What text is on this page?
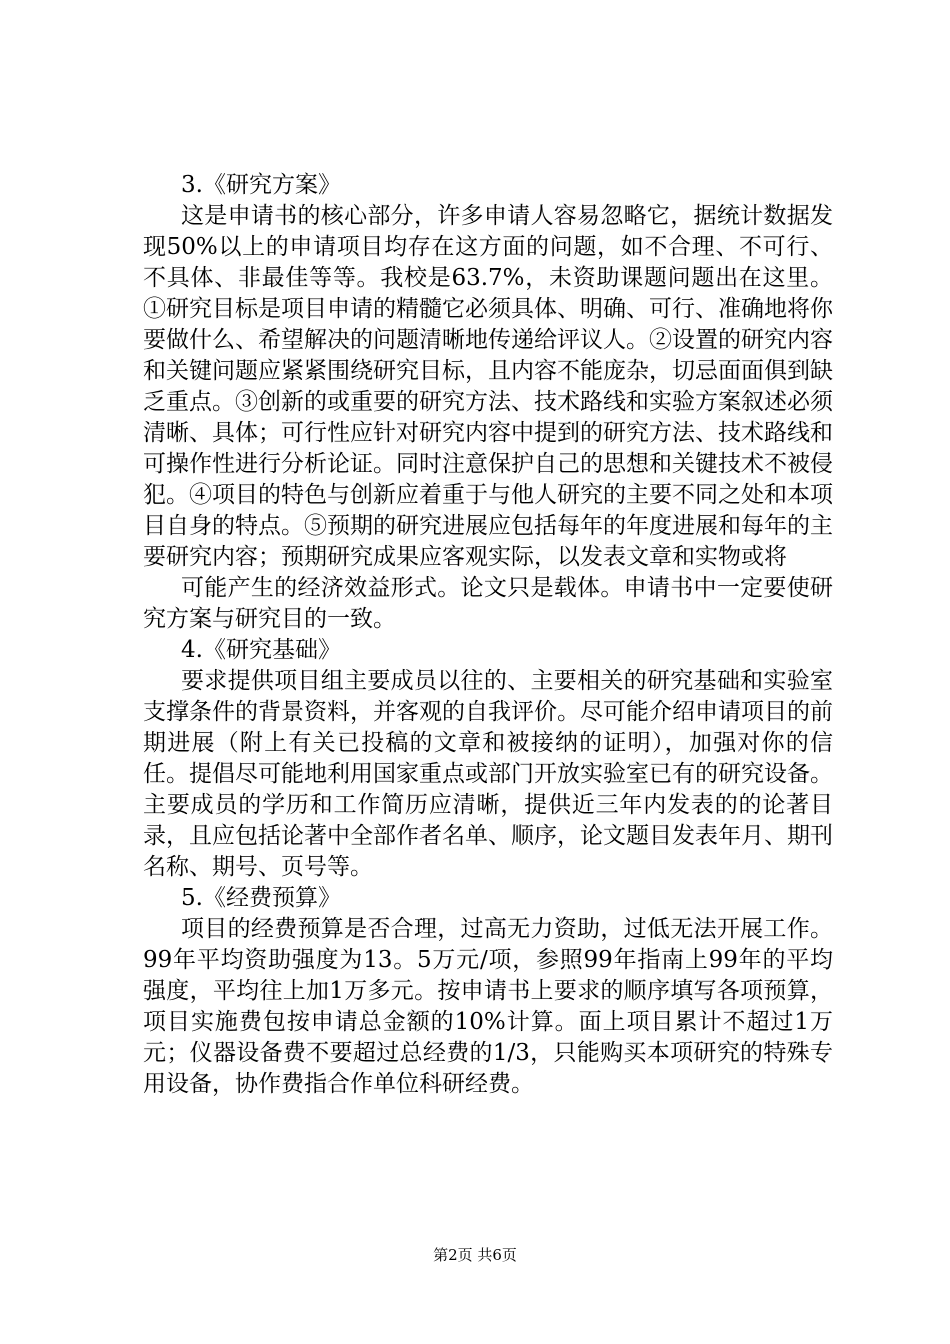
3.《研究方案》

这是申请书的核心部分，许多申请人容易忽略它，据统计数据发现50%以上的申请项目均存在这方面的问题，如不合理、不可行、不具体、非最佳等等。我校是63.7%，未资助课题问题出在这里。①研究目标是项目申请的精髓它必须具体、明确、可行、准确地将你要做什么、希望解决的问题清晰地传递给评议人。②设置的研究内容和关键问题应紧紧围绕研究目标，且内容不能庞杂，切忌面面俱到缺乏重点。③创新的或重要的研究方法、技术路线和实验方案叙述必须清晰、具体；可行性应针对研究内容中提到的研究方法、技术路线和可操作性进行分析论证。同时注意保护自己的思想和关键技术不被侵犯。④项目的特色与创新应着重于与他人研究的主要不同之处和本项目自身的特点。⑤预期的研究进展应包括每年的年度进展和每年的主要研究内容；预期研究成果应客观实际，以发表文章和实物或将

可能产生的经济效益形式。论文只是载体。申请书中一定要使研究方案与研究目的一致。

4.《研究基础》

要求提供项目组主要成员以往的、主要相关的研究基础和实验室支撑条件的背景资料，并客观的自我评价。尽可能介绍申请项目的前期进展（附上有关已投稿的文章和被接纳的证明），加强对你的信任。提倡尽可能地利用国家重点或部门开放实验室已有的研究设备。主要成员的学历和工作简历应清晰，提供近三年内发表的的论著目录，且应包括论著中全部作者名单、顺序，论文题目发表年月、期刊名称、期号、页号等。

5.《经费预算》

项目的经费预算是否合理，过高无力资助，过低无法开展工作。99年平均资助强度为13。5万元/项，参照99年指南上99年的平均强度，平均往上加1万多元。按申请书上要求的顺序填写各项预算，项目实施费包按申请总金额的10%计算。面上项目累计不超过1万元；仪器设备费不要超过总经费的1/3，只能购买本项研究的特殊专用设备，协作费指合作单位科研经费。

第2页 共6页
